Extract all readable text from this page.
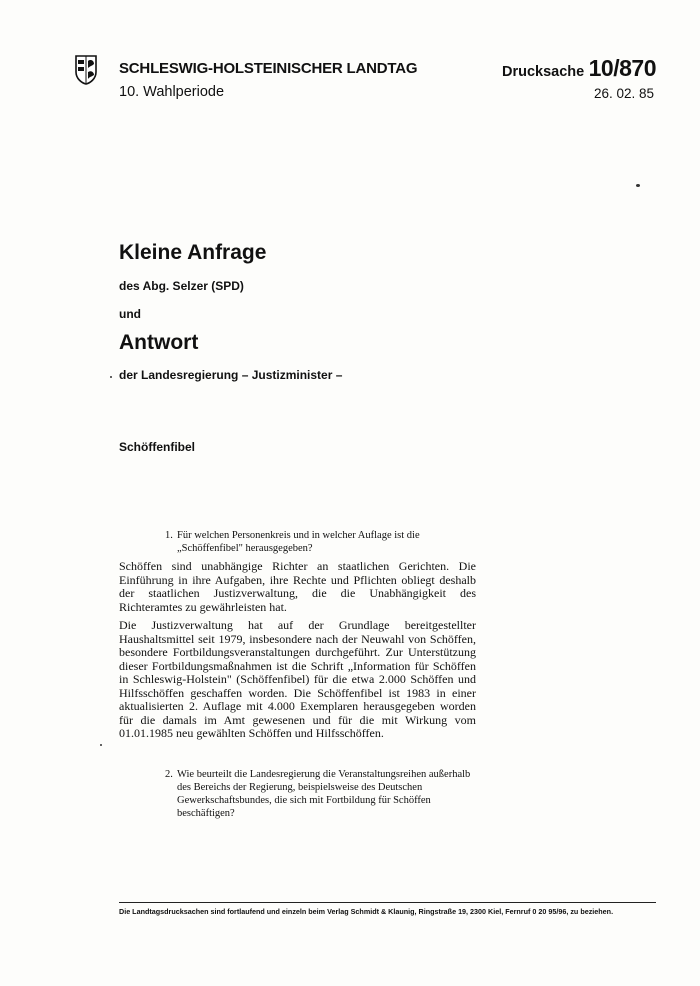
SCHLESWIG-HOLSTEINISCHER LANDTAG
10. Wahlperiode
Drucksache 10/870
26. 02. 85
Kleine Anfrage
des Abg. Selzer (SPD)
und
Antwort
der Landesregierung – Justizminister –
Schöffenfibel
1. Für welchen Personenkreis und in welcher Auflage ist die „Schöffenfibel" herausgegeben?
Schöffen sind unabhängige Richter an staatlichen Gerichten. Die Einführung in ihre Aufgaben, ihre Rechte und Pflichten obliegt deshalb der staatlichen Justizverwaltung, die die Unabhängigkeit des Richteramtes zu gewährleisten hat.
Die Justizverwaltung hat auf der Grundlage bereitgestellter Haushaltsmittel seit 1979, insbesondere nach der Neuwahl von Schöffen, besondere Fortbildungsveranstaltungen durchgeführt. Zur Unterstützung dieser Fortbildungsmaßnahmen ist die Schrift „Information für Schöffen in Schleswig-Holstein" (Schöffenfibel) für die etwa 2.000 Schöffen und Hilfsschöffen geschaffen worden. Die Schöffenfibel ist 1983 in einer aktualisierten 2. Auflage mit 4.000 Exemplaren herausgegeben worden für die damals im Amt gewesenen und für die mit Wirkung vom 01.01.1985 neu gewählten Schöffen und Hilfsschöffen.
2. Wie beurteilt die Landesregierung die Veranstaltungsreihen außerhalb des Bereichs der Regierung, beispielsweise des Deutschen Gewerkschaftsbundes, die sich mit Fortbildung für Schöffen beschäftigen?
Die Landtagsdrucksachen sind fortlaufend und einzeln beim Verlag Schmidt & Klaunig, Ringstraße 19, 2300 Kiel, Fernruf 0 20 95/96, zu beziehen.
